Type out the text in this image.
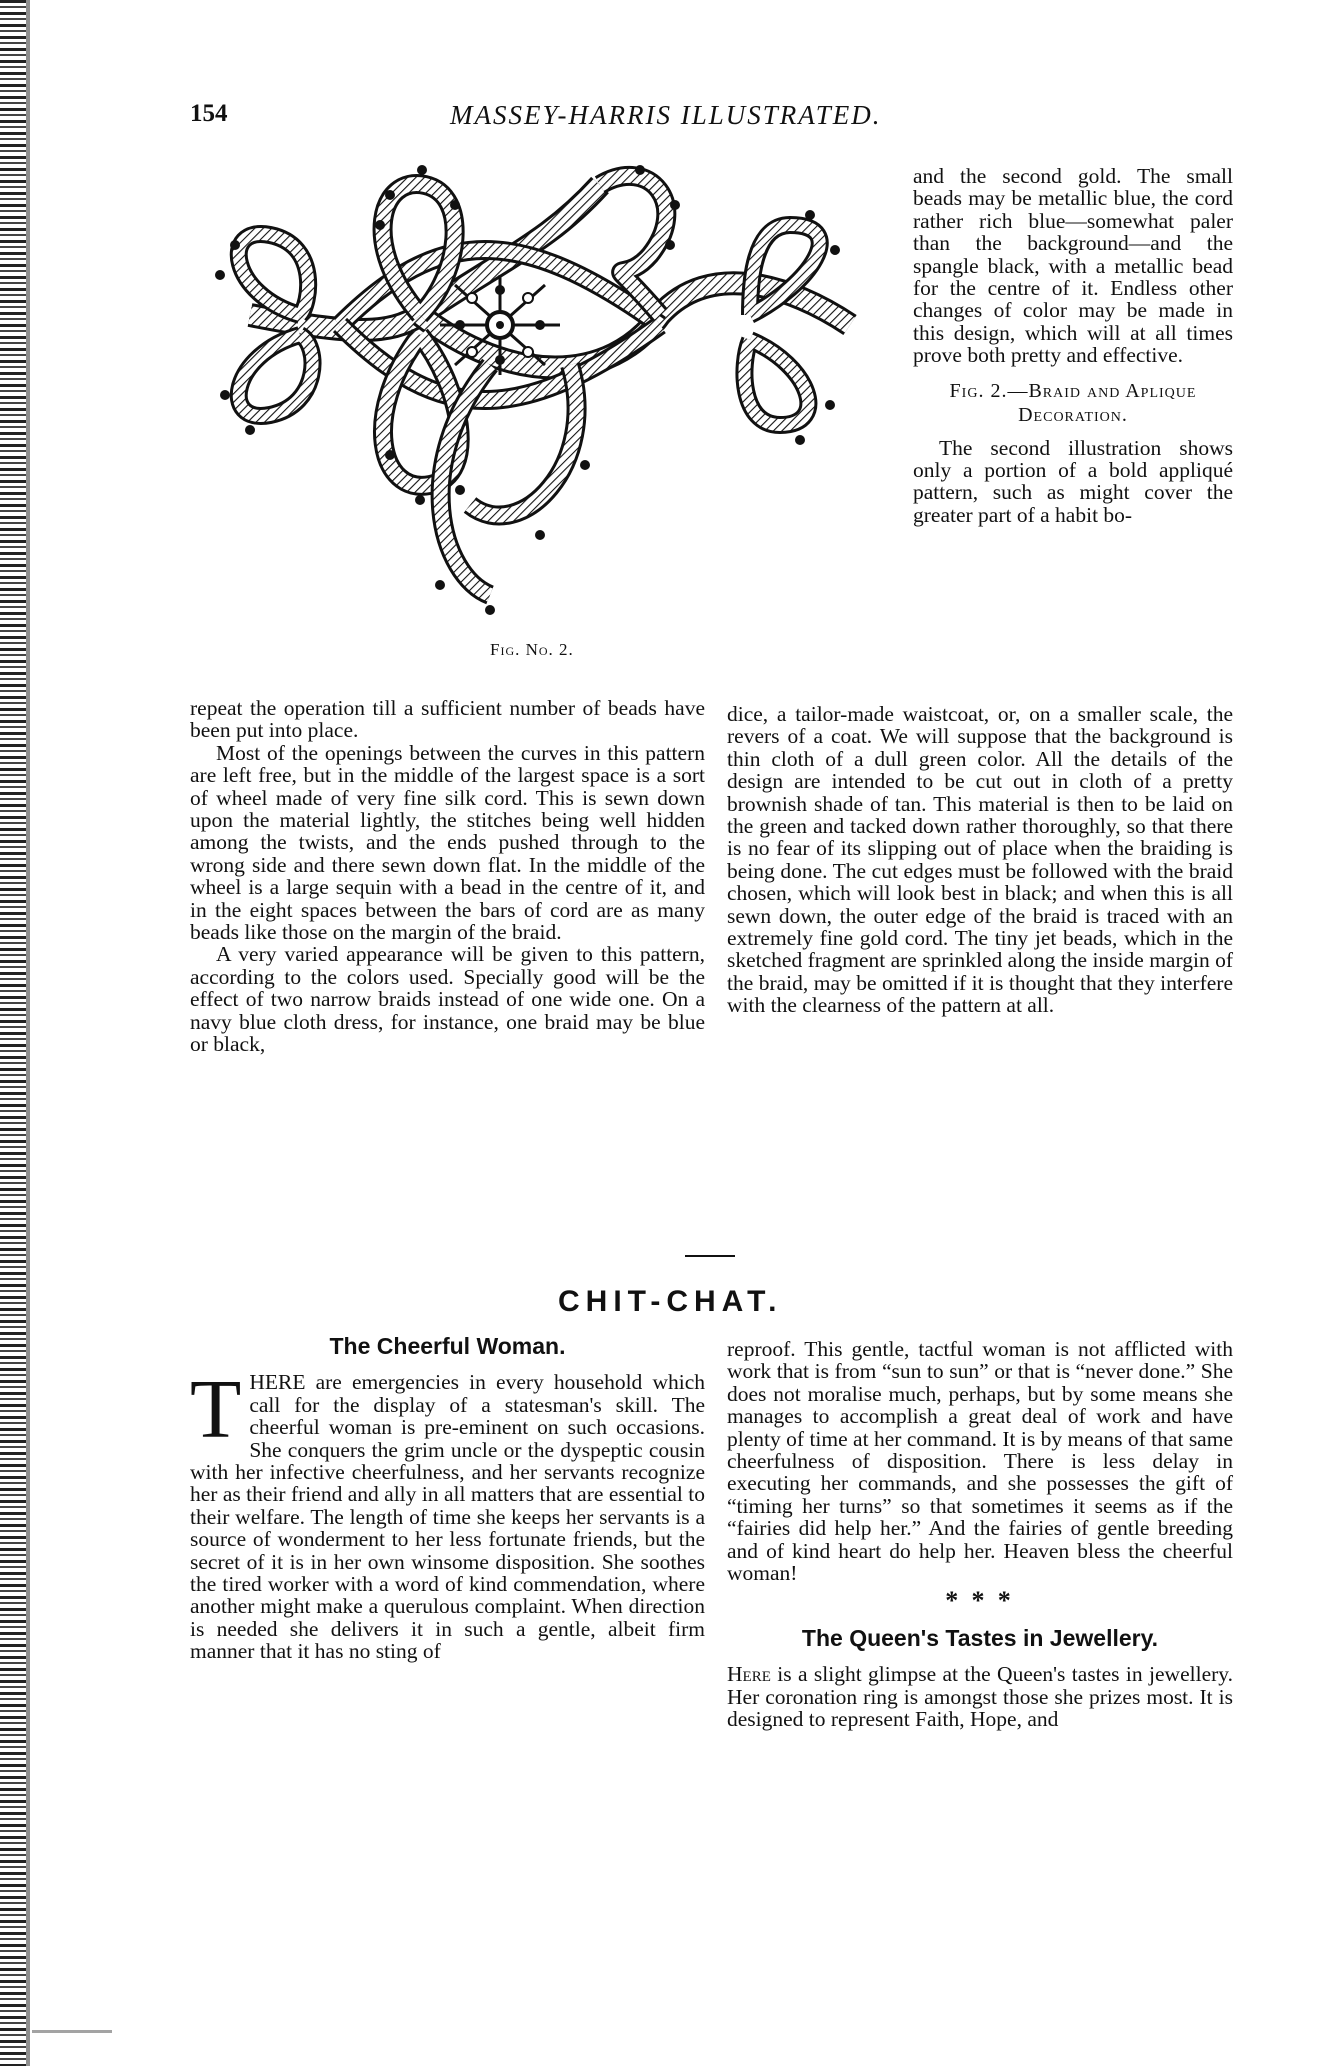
154	MASSEY-HARRIS ILLUSTRATED.
Fig. No. 2.

and the second gold. The small beads may be metallic blue, the cord rather rich blue—somewhat paler than the background—and the spangle black, with a metallic bead for the centre of it. Endless other changes of color may be made in this design, which will at all times prove both pretty and effective.

Fig. 2.—Braid and Aplique Decoration.

The second illustration shows only a portion of a bold appliqué pattern, such as might cover the greater part of a habit bo-

repeat the operation till a sufficient number of beads have been put into place.

Most of the openings between the curves in this pattern are left free, but in the middle of the largest space is a sort of wheel made of very fine silk cord. This is sewn down upon the material lightly, the stitches being well hidden among the twists, and the ends pushed through to the wrong side and there sewn down flat. In the middle of the wheel is a large sequin with a bead in the centre of it, and in the eight spaces between the bars of cord are as many beads like those on the margin of the braid.

A very varied appearance will be given to this pattern, according to the colors used. Specially good will be the effect of two narrow braids instead of one wide one. On a navy blue cloth dress, for instance, one braid may be blue or black,

dice, a tailor-made waistcoat, or, on a smaller scale, the revers of a coat. We will suppose that the background is thin cloth of a dull green color. All the details of the design are intended to be cut out in cloth of a pretty brownish shade of tan. This material is then to be laid on the green and tacked down rather thoroughly, so that there is no fear of its slipping out of place when the braiding is being done. The cut edges must be followed with the braid chosen, which will look best in black; and when this is all sewn down, the outer edge of the braid is traced with an extremely fine gold cord. The tiny jet beads, which in the sketched fragment are sprinkled along the inside margin of the braid, may be omitted if it is thought that they interfere with the clearness of the pattern at all.

CHIT-CHAT.
The Cheerful Woman.

THERE are emergencies in every household which call for the display of a statesman's skill. The cheerful woman is pre-eminent on such occasions. She conquers the grim uncle or the dyspeptic cousin with her infective cheerfulness, and her servants recognize her as their friend and ally in all matters that are essential to their welfare. The length of time she keeps her servants is a source of wonderment to her less fortunate friends, but the secret of it is in her own winsome disposition. She soothes the tired worker with a word of kind commendation, where another might make a querulous complaint. When direction is needed she delivers it in such a gentle, albeit firm manner that it has no sting of

reproof. This gentle, tactful woman is not afflicted with work that is from “sun to sun” or that is “never done.” She does not moralise much, perhaps, but by some means she manages to accomplish a great deal of work and have plenty of time at her command. It is by means of that same cheerfulness of disposition. There is less delay in executing her commands, and she possesses the gift of “timing her turns” so that sometimes it seems as if the “fairies did help her.” And the fairies of gentle breeding and of kind heart do help her. Heaven bless the cheerful woman!

* * *
The Queen's Tastes in Jewellery.

Here is a slight glimpse at the Queen's tastes in jewellery. Her coronation ring is amongst those she prizes most. It is designed to represent Faith, Hope, and
